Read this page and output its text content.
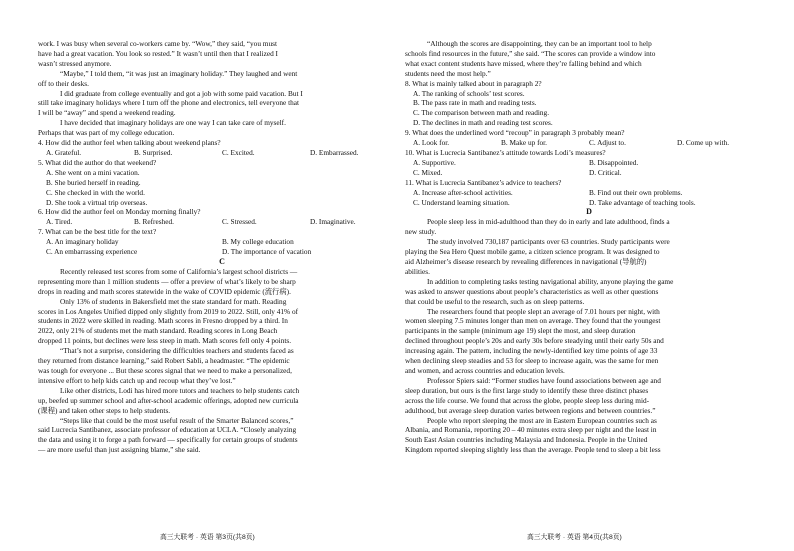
work. I was busy when several co-workers came by. “Wow,” they said, “you must
have had a great vacation. You look so rested.” It wasn’t until then that I realized I
wasn’t stressed anymore.
“Maybe,” I told them, “it was just an imaginary holiday.” They laughed and went
off to their desks.
I did graduate from college eventually and got a job with some paid vacation. But I
still take imaginary holidays where I turn off the phone and electronics, tell everyone that
I will be “away” and spend a weekend reading.
I have decided that imaginary holidays are one way I can take care of myself.
Perhaps that was part of my college education.
4. How did the author feel when talking about weekend plans?
A. Grateful.	B. Surprised.	C. Excited.	D. Embarrassed.
5. What did the author do that weekend?
A. She went on a mini vacation.
B. She buried herself in reading.
C. She checked in with the world.
D. She took a virtual trip overseas.
6. How did the author feel on Monday morning finally?
A. Tired.	B. Refreshed.	C. Stressed.	D. Imaginative.
7. What can be the best title for the text?
A. An imaginary holiday	B. My college education
C. An embarrassing experience	D. The importance of vacation
C
Recently released test scores from some of California’s largest school districts —
representing more than 1 million students — offer a preview of what’s likely to be sharp
drops in reading and math scores statewide in the wake of COVID epidemic (流行病).
Only 13% of students in Bakersfield met the state standard for math. Reading
scores in Los Angeles Unified dipped only slightly from 2019 to 2022. Still, only 41% of
students in 2022 were skilled in reading. Math scores in Fresno dropped by a third. In
2022, only 21% of students met the math standard. Reading scores in Long Beach
dropped 11 points, but declines were less steep in math. Math scores fell only 4 points.
“That’s not a surprise, considering the difficulties teachers and students faced as
they returned from distance learning,” said Robert Sabli, a headmaster. “The epidemic
was tough for everyone ... But these scores signal that we need to make a personalized,
intensive effort to help kids catch up and recoup what they’ve lost.”
Like other districts, Lodi has hired more tutors and teachers to help students catch
up, beefed up summer school and after-school academic offerings, adopted new curricula
(课程) and taken other steps to help students.
“Steps like that could be the most useful result of the Smarter Balanced scores,”
said Lucrecia Santibanez, associate professor of education at UCLA. “Closely analyzing
the data and using it to forge a path forward — specifically for certain groups of students
— are more useful than just assigning blame,” she said.
“Although the scores are disappointing, they can be an important tool to help
schools find resources in the future,” she said. “The scores can provide a window into
what exact content students have missed, where they’re falling behind and which
students need the most help.”
8. What is mainly talked about in paragraph 2?
A. The ranking of schools’ test scores.
B. The pass rate in math and reading tests.
C. The comparison between math and reading.
D. The declines in math and reading test scores.
9. What does the underlined word “recoup” in paragraph 3 probably mean?
A. Look for.	B. Make up for.	C. Adjust to.	D. Come up with.
10. What is Lucrecia Santibanez’s attitude towards Lodi’s measures?
A. Supportive.	B. Disappointed.
C. Mixed.	D. Critical.
11. What is Lucrecia Santibanez’s advice to teachers?
A. Increase after-school activities.	B. Find out their own problems.
C. Understand learning situation.	D. Take advantage of teaching tools.
D
People sleep less in mid-adulthood than they do in early and late adulthood, finds a
new study.
The study involved 730,187 participants over 63 countries. Study participants were
playing the Sea Hero Quest mobile game, a citizen science program. It was designed to
aid Alzheimer’s disease research by revealing differences in navigational (导航的)
abilities.
In addition to completing tasks testing navigational ability, anyone playing the game
was asked to answer questions about people’s characteristics as well as other questions
that could be useful to the research, such as on sleep patterns.
The researchers found that people slept an average of 7.01 hours per night, with
women sleeping 7.5 minutes longer than men on average. They found that the youngest
participants in the sample (minimum age 19) slept the most, and sleep duration
declined throughout people’s 20s and early 30s before steadying until their early 50s and
increasing again. The pattern, including the newly-identified key time points of age 33
when declining sleep steadies and 53 for sleep to increase again, was the same for men
and women, and across countries and education levels.
Professor Spiers said: “Former studies have found associations between age and
sleep duration, but ours is the first large study to identify these three distinct phases
across the life course. We found that across the globe, people sleep less during mid-
adulthood, but average sleep duration varies between regions and between countries.”
People who report sleeping the most are in Eastern European countries such as
Albania, and Romania, reporting 20 – 40 minutes extra sleep per night and the least in
South East Asian countries including Malaysia and Indonesia. People in the United
Kingdom reported sleeping slightly less than the average. People tend to sleep a bit less
高三大联考 · 英语 第3页(共8页)	高三大联考 · 英语 第4页(共8页)
